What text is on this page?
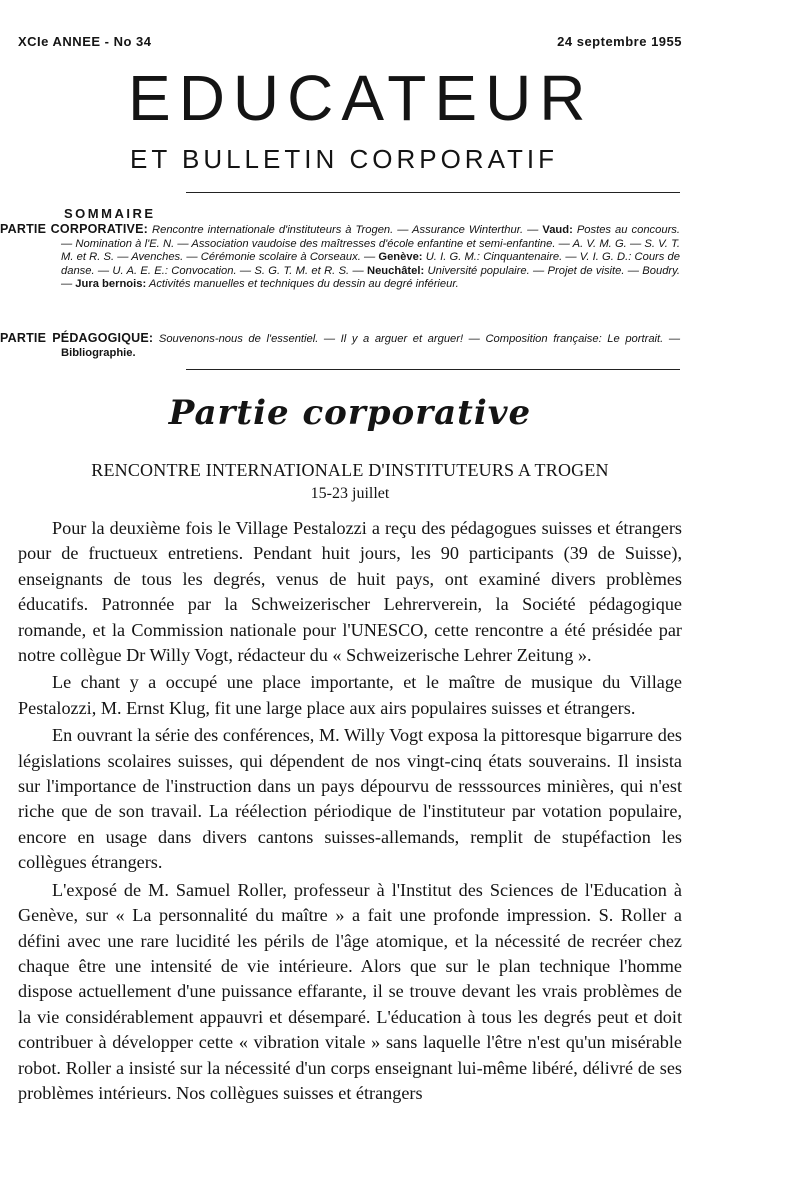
XCIe ANNEE - No 34	24 septembre 1955
EDUCATEUR
ET BULLETIN CORPORATIF
SOMMAIRE
PARTIE CORPORATIVE: Rencontre internationale d'instituteurs à Trogen. — Assurance Winterthur. — Vaud: Postes au concours. — Nomination à l'E. N. — Association vaudoise des maîtresses d'école enfantine et semi-enfantine. — A. V. M. G. — S. V. T. M. et R. S. — Avenches. — Cérémonie scolaire à Corseaux. — Genève: U. I. G. M.: Cinquantenaire. — V. I. G. D.: Cours de danse. — U. A. E. E.: Convocation. — S. G. T. M. et R. S. — Neuchâtel: Université populaire. — Projet de visite. — Boudry. — Jura bernois: Activités manuelles et techniques du dessin au degré inférieur.
PARTIE PÉDAGOGIQUE: Souvenons-nous de l'essentiel. — Il y a arguer et arguer! — Composition française: Le portrait. — Bibliographie.
Partie corporative
RENCONTRE INTERNATIONALE D'INSTITUTEURS A TROGEN
15-23 juillet

Pour la deuxième fois le Village Pestalozzi a reçu des pédagogues suisses et étrangers pour de fructueux entretiens. Pendant huit jours, les 90 participants (39 de Suisse), enseignants de tous les degrés, venus de huit pays, ont examiné divers problèmes éducatifs. Patronnée par la Schweizerischer Lehrerverein, la Société pédagogique romande, et la Commission nationale pour l'UNESCO, cette rencontre a été présidée par notre collègue Dr Willy Vogt, rédacteur du « Schweizerische Lehrer Zeitung ».

Le chant y a occupé une place importante, et le maître de musique du Village Pestalozzi, M. Ernst Klug, fit une large place aux airs populaires suisses et étrangers.

En ouvrant la série des conférences, M. Willy Vogt exposa la pittoresque bigarrure des législations scolaires suisses, qui dépendent de nos vingt-cinq états souverains. Il insista sur l'importance de l'instruction dans un pays dépourvu de resssources minières, qui n'est riche que de son travail. La réélection périodique de l'instituteur par votation populaire, encore en usage dans divers cantons suisses-allemands, remplit de stupéfaction les collègues étrangers.

L'exposé de M. Samuel Roller, professeur à l'Institut des Sciences de l'Education à Genève, sur « La personnalité du maître » a fait une profonde impression. S. Roller a défini avec une rare lucidité les périls de l'âge atomique, et la nécessité de recréer chez chaque être une intensité de vie intérieure. Alors que sur le plan technique l'homme dispose actuellement d'une puissance effarante, il se trouve devant les vrais problèmes de la vie considérablement appauvri et désemparé. L'éducation à tous les degrés peut et doit contribuer à développer cette « vibration vitale » sans laquelle l'être n'est qu'un misérable robot. Roller a insisté sur la nécessité d'un corps enseignant lui-même libéré, délivré de ses problèmes intérieurs. Nos collègues suisses et étrangers
